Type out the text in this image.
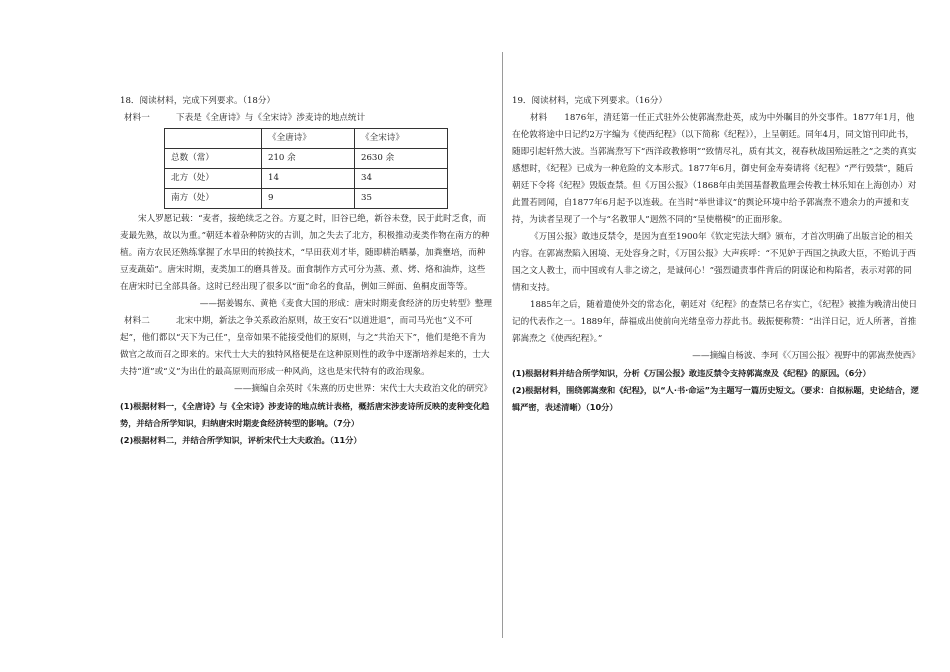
18．阅读材料，完成下列要求。（18分）

材料一	下表是《全唐诗》与《全宋诗》涉麦诗的地点统计
	《全唐诗》	《全宋诗》
总数（常）	210 余	2630 余
北方（处）	14	34
南方（处）	9	35

宋人罗愿记载：“麦者，接绝续乏之谷。方夏之时，旧谷已绝，新谷未登，民于此时乏食，而麦最先熟，故以为重。”朝廷本着杂种防灾的古训，加之失去了北方，积极推动麦类作物在南方的种植。南方农民还熟练掌握了水旱田的转换技术，“早田获刈才毕，随即耕治晒暴，加粪壅培，而种豆麦蔬茹”。唐宋时期，麦类加工的磨具普及。面食制作方式可分为蒸、煮、烤、烙和油炸，这些在唐宋时已全部具备。这时已经出现了很多以“面”命名的食品，例如三鲜面、鱼桐皮面等等。

——据姜锡东、黄艳《麦食大国的形成：唐宋时期麦食经济的历史转型》整理

材料二	北宋中期，新法之争关系政治原则，故王安石“以道进退”，而司马光也“义不可起”，他们都以“天下为己任”，皇帝如果不能接受他们的原则，与之“共治天下”，他们是绝不肯为做官之故而召之即来的。宋代士大夫的独特风格便是在这种原则性的政争中逐渐培养起来的，士大夫持“道”或“义”为出仕的最高原则而形成一种风尚，这也是宋代特有的政治现象。

——摘编自余英时《朱熹的历史世界：宋代士大夫政治文化的研究》

(1)根据材料一，《全唐诗》与《全宋诗》涉麦诗的地点统计表格，概括唐宋涉麦诗所反映的麦种变化趋势，并结合所学知识，归纳唐宋时期麦食经济转型的影响。（7分）

(2)根据材料二，并结合所学知识，评析宋代士大夫政治。（11分）

19．阅读材料，完成下列要求。（16分）

材料　　1876年，清廷第一任正式驻外公使郭嵩焘赴英，成为中外瞩目的外交事件。1877年1月，他在伦敦将途中日记约2万字编为《使西纪程》（以下简称《纪程》），上呈朝廷。同年4月，同文馆刊印此书，随即引起轩然大波。当郭嵩焘写下“西洋政教修明”“致情尽礼，质有其文，视春秋战国殆远胜之”之类的真实感想时，《纪程》已成为一种危险的文本形式。1877年6月，御史何金寿奏请将《纪程》“严行毁禁”，随后朝廷下令将《纪程》毁版查禁。但《万国公报》（1868年由美国基督教监理会传教士林乐知在上海创办）对此置若罔闻，自1877年6月起予以连载。在当时“举世诽议”的舆论环境中给予郭嵩焘不遗余力的声援和支持，为读者呈现了一个与“名教罪人”迥然不同的“呈使楷模”的正面形象。

《万国公报》敢违反禁令，是因为直至1900年《钦定宪法大纲》颁布，才首次明确了出版言论的相关内容。在郭嵩焘陷入困境、无处容身之时，《万国公报》大声疾呼：“不见妒于西国之执政大臣，不贻讥于西国之文人教士，而中国或有人非之谤之，是诚何心！”强烈谴责事件背后的阴谋论和构陷者，表示对郭的同情和支持。

1885年之后，随着遣使外交的常态化，朝廷对《纪程》的查禁已名存实亡，《纪程》被推为晚清出使日记的代表作之一。1889年，薛福成出使前向光绪皇帝力荐此书。载振便称赞：“出洋日记，近人所著，首推郭嵩焘之《使西纪程》。”

——摘编自杨波、李珂《〈万国公报〉视野中的郭嵩焘使西》

(1)根据材料并结合所学知识，分析《万国公报》敢违反禁令支持郭嵩焘及《纪程》的原因。（6分）

(2)根据材料，围绕郭嵩焘和《纪程》，以“人·书·命运”为主题写一篇历史短文。（要求：自拟标题，史论结合，逻辑严密，表述清晰）（10分）
